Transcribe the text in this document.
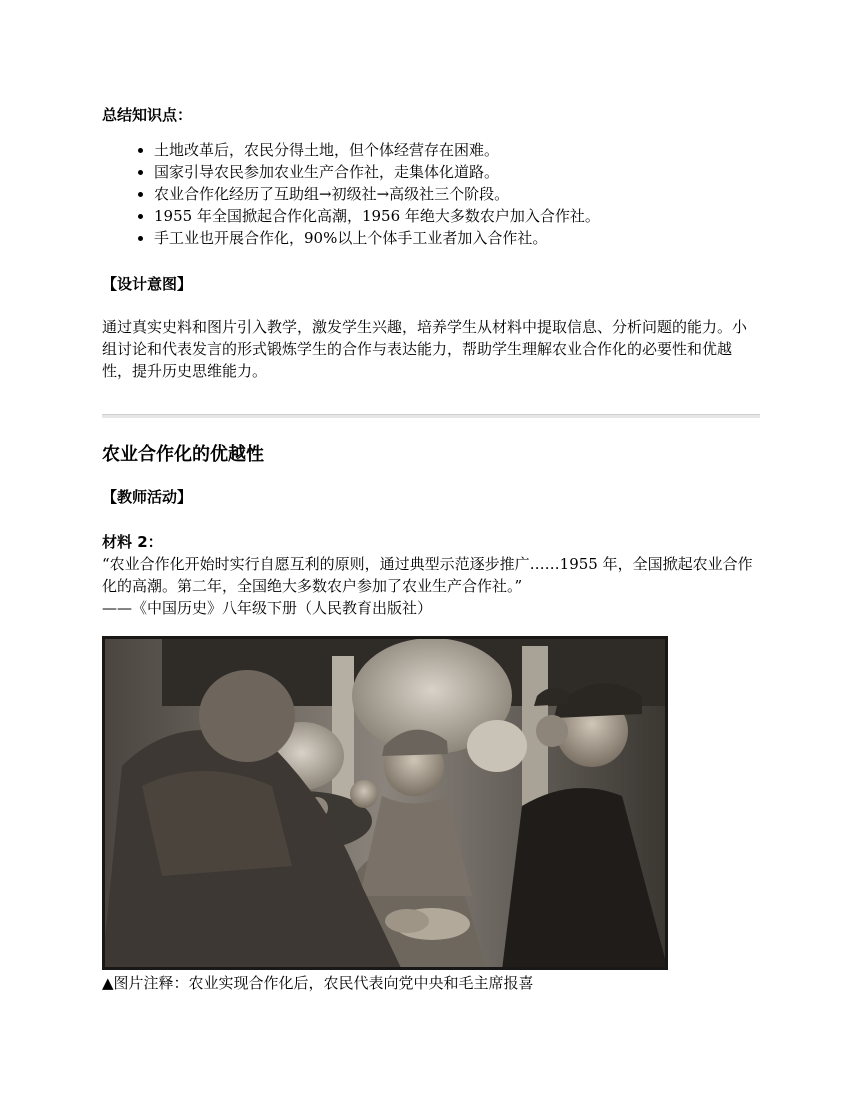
总结知识点：
• 土地改革后，农民分得土地，但个体经营存在困难。
• 国家引导农民参加农业生产合作社，走集体化道路。
• 农业合作化经历了互助组→初级社→高级社三个阶段。
• 1955 年全国掀起合作化高潮，1956 年绝大多数农户加入合作社。
• 手工业也开展合作化，90%以上个体手工业者加入合作社。
【设计意图】
通过真实史料和图片引入教学，激发学生兴趣，培养学生从材料中提取信息、分析问题的能力。小组讨论和代表发言的形式锻炼学生的合作与表达能力，帮助学生理解农业合作化的必要性和优越性，提升历史思维能力。
农业合作化的优越性
【教师活动】
材料 2：
“农业合作化开始时实行自愿互利的原则，通过典型示范逐步推广……1955 年，全国掀起农业合作化的高潮。第二年，全国绝大多数农户参加了农业生产合作社。”
——《中国历史》八年级下册（人民教育出版社）
▲图片注释：农业实现合作化后，农民代表向党中央和毛主席报喜
